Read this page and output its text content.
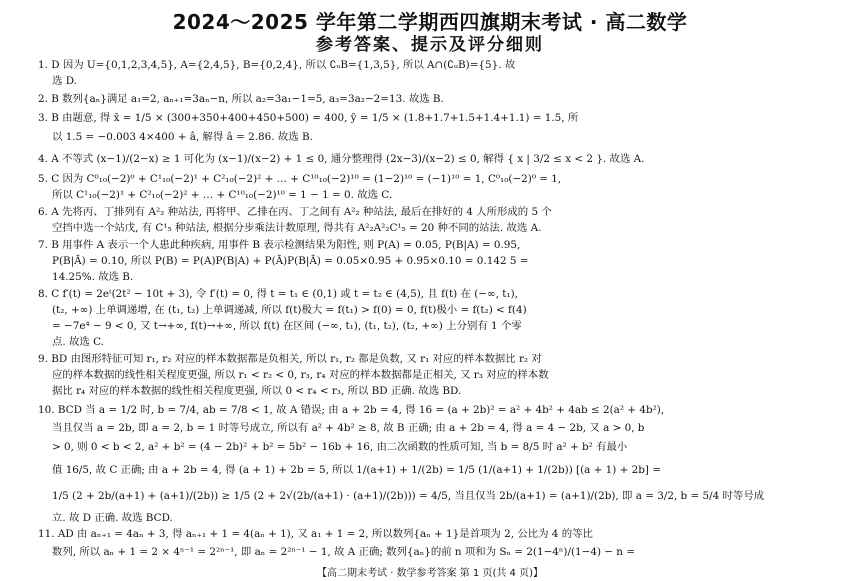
2024～2025 学年第二学期西四旗期末考试 · 高二数学
参考答案、提示及评分细则
1. D 因为 U={0,1,2,3,4,5}, A={2,4,5}, B={0,2,4}, 所以 ∁ᵤB={1,3,5}, 所以 A∩(∁ᵤB)={5}. 故
选 D.
2. B 数列{aₙ}满足 a₁=2, aₙ₊₁=3aₙ−n, 所以 a₂=3a₁−1=5, a₃=3a₂−2=13. 故选 B.
3. B 由题意, 得 x̄ = 1/5 × (300+350+400+450+500) = 400, ȳ = 1/5 × (1.8+1.7+1.5+1.4+1.1) = 1.5, 所
以 1.5 = −0.003 4×400 + â, 解得 â = 2.86. 故选 B.
4. A 不等式 (x−1)/(2−x) ≥ 1 可化为 (x−1)/(x−2) + 1 ≤ 0, 通分整理得 (2x−3)/(x−2) ≤ 0, 解得 { x | 3/2 ≤ x < 2 }. 故选 A.
5. C 因为 C⁰₁₀(−2)⁰ + C¹₁₀(−2)¹ + C²₁₀(−2)² + … + C¹⁰₁₀(−2)¹⁰ = (1−2)¹⁰ = (−1)¹⁰ = 1, C⁰₁₀(−2)⁰ = 1,
所以 C¹₁₀(−2)¹ + C²₁₀(−2)² + … + C¹⁰₁₀(−2)¹⁰ = 1 − 1 = 0. 故选 C.
6. A 先将丙、丁排列有 A²₂ 种站法, 再将甲、乙排在丙、丁之间有 A²₂ 种站法, 最后在排好的 4 人所形成的 5 个
空挡中选一个站戊, 有 C¹₅ 种站法, 根据分步乘法计数原理, 得共有 A²₂A²₂C¹₅ = 20 种不同的站法. 故选 A.
7. B 用事件 A 表示一个人患此种疾病, 用事件 B 表示检测结果为阳性, 则 P(A) = 0.05, P(B|A) = 0.95,
P(B|Ā) = 0.10, 所以 P(B) = P(A)P(B|A) + P(Ā)P(B|Ā) = 0.05×0.95 + 0.95×0.10 = 0.142 5 =
14.25%. 故选 B.
8. C f′(t) = 2eᵗ(2t² − 10t + 3), 令 f′(t) = 0, 得 t = t₁ ∈ (0,1) 或 t = t₂ ∈ (4,5), 且 f(t) 在 (−∞, t₁),
(t₂, +∞) 上单调递增, 在 (t₁, t₂) 上单调递减, 所以 f(t)极大 = f(t₁) > f(0) = 0, f(t)极小 = f(t₂) < f(4)
= −7e⁴ − 9 < 0, 又 t→+∞, f(t)→+∞, 所以 f(t) 在区间 (−∞, t₁), (t₁, t₂), (t₂, +∞) 上分别有 1 个零
点. 故选 C.
9. BD 由图形特征可知 r₁, r₂ 对应的样本数据都是负相关, 所以 r₁, r₂ 都是负数, 又 r₁ 对应的样本数据比 r₂ 对
应的样本数据的线性相关程度更强, 所以 r₁ < r₂ < 0, r₃, r₄ 对应的样本数据都是正相关, 又 r₃ 对应的样本数
据比 r₄ 对应的样本数据的线性相关程度更强, 所以 0 < r₄ < r₃, 所以 BD 正确. 故选 BD.
10. BCD 当 a = 1/2 时, b = 7/4, ab = 7/8 < 1, 故 A 错误; 由 a + 2b = 4, 得 16 = (a + 2b)² = a² + 4b² + 4ab ≤ 2(a² + 4b²),
当且仅当 a = 2b, 即 a = 2, b = 1 时等号成立, 所以有 a² + 4b² ≥ 8, 故 B 正确; 由 a + 2b = 4, 得 a = 4 − 2b, 又 a > 0, b
> 0, 则 0 < b < 2, a² + b² = (4 − 2b)² + b² = 5b² − 16b + 16, 由二次函数的性质可知, 当 b = 8/5 时 a² + b² 有最小
值 16/5, 故 C 正确; 由 a + 2b = 4, 得 (a + 1) + 2b = 5, 所以 1/(a+1) + 1/(2b) = 1/5 (1/(a+1) + 1/(2b)) [(a + 1) + 2b] =
1/5 (2 + 2b/(a+1) + (a+1)/(2b)) ≥ 1/5 (2 + 2√(2b/(a+1) · (a+1)/(2b))) = 4/5, 当且仅当 2b/(a+1) = (a+1)/(2b), 即 a = 3/2, b = 5/4 时等号成
立. 故 D 正确. 故选 BCD.
11. AD 由 aₙ₊₁ = 4aₙ + 3, 得 aₙ₊₁ + 1 = 4(aₙ + 1), 又 a₁ + 1 = 2, 所以数列{aₙ + 1}是首项为 2, 公比为 4 的等比
数列, 所以 aₙ + 1 = 2 × 4ⁿ⁻¹ = 2²ⁿ⁻¹, 即 aₙ = 2²ⁿ⁻¹ − 1, 故 A 正确; 数列{aₙ}的前 n 项和为 Sₙ = 2(1−4ⁿ)/(1−4) − n =
【高二期末考试 · 数学参考答案 第 1 页(共 4 页)】
